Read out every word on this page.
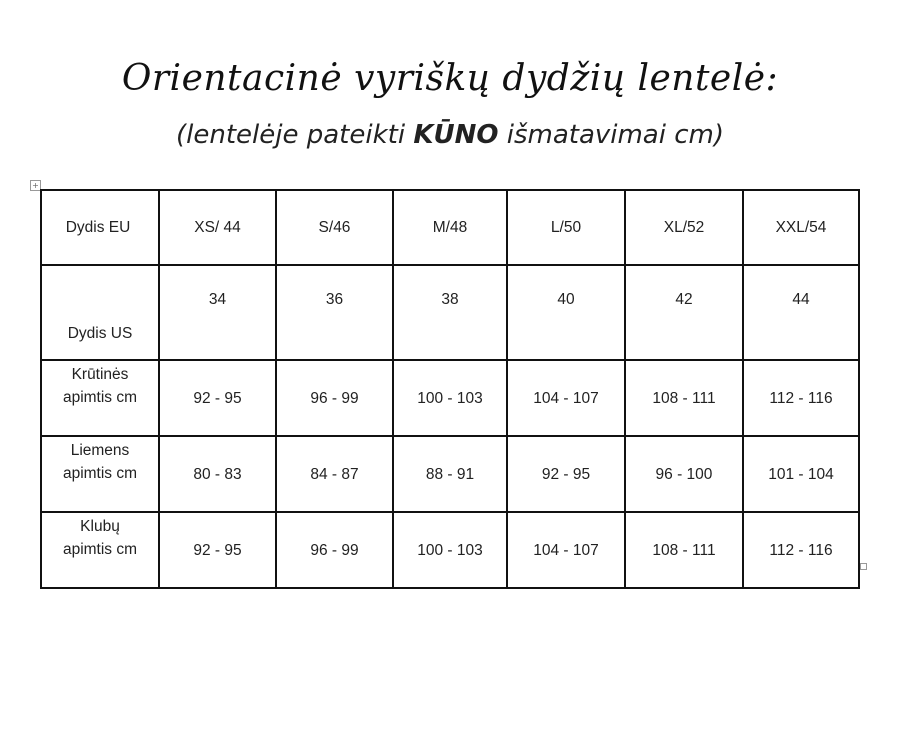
Orientacinė vyriškų dydžių lentelė:
(lentelėje pateikti KŪNO išmatavimai cm)
+
Dydis EU	XS/ 44	S/46	M/48	L/50	XL/52	XXL/54
Dydis US	34	36	38	40	42	44
Krūtinės
apimtis cm	92 - 95	96 - 99	100 - 103	104 - 107	108 - 111	112 - 116
Liemens
apimtis cm	80 - 83	84 - 87	88 - 91	92 - 95	96 - 100	101 - 104
Klubų
apimtis cm	92 - 95	96 - 99	100 - 103	104 - 107	108 - 111	112 - 116
